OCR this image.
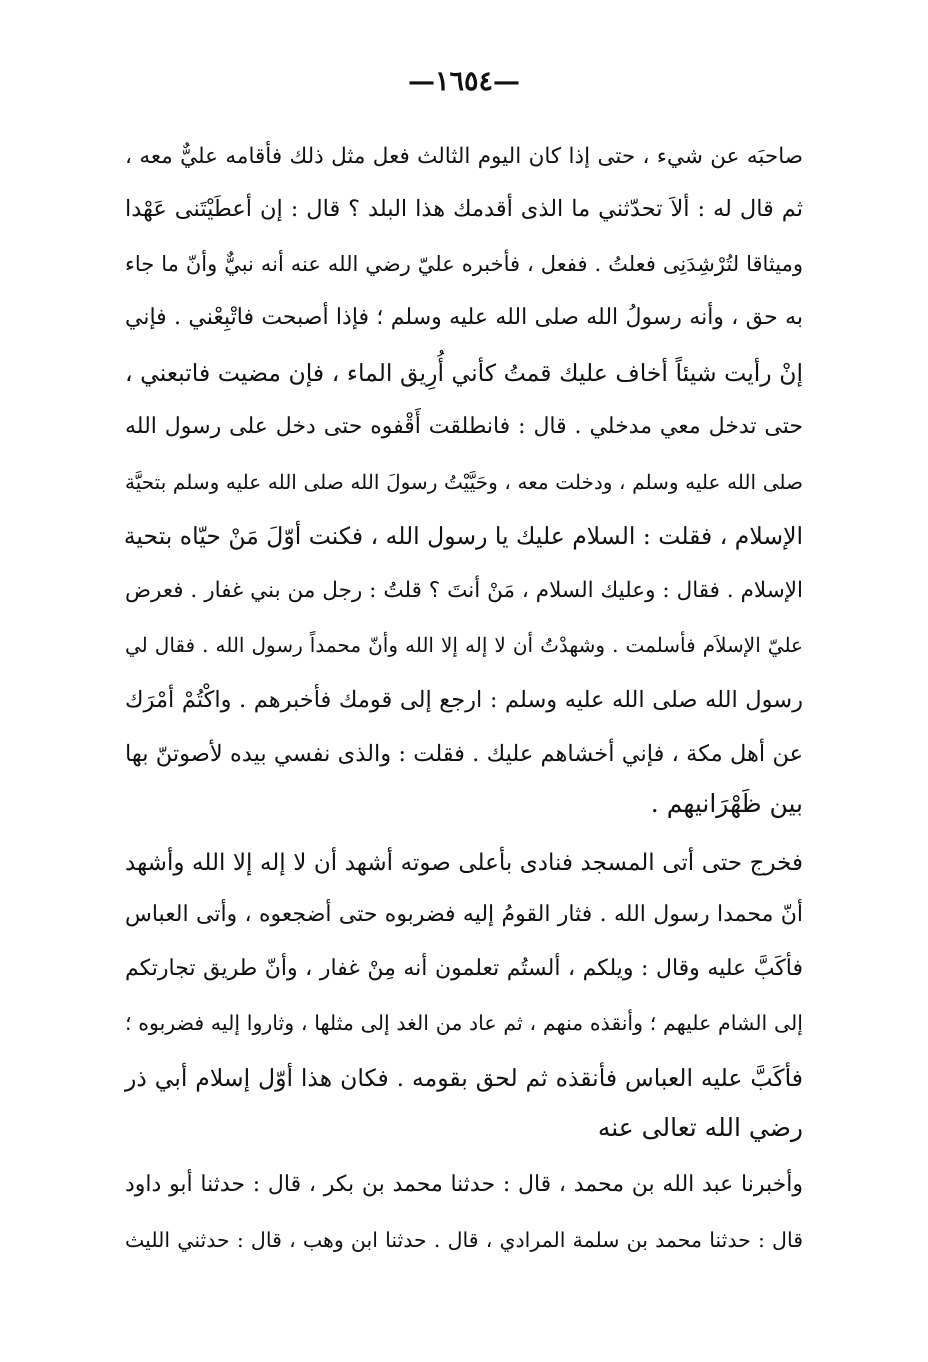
—١٦٥٤—
صاحبَه عن شيء ، حتى إذا كان اليوم الثالث فعل مثل ذلك فأقامه عليٌّ معه ،
ثم قال له : ألاَ تحدّثني ما الذى أقدمك هذا البلد ؟ قال : إن أعطَيْتَنى عَهْدا
وميثاقا لتُرْشِدَنِى فعلتُ . ففعل ، فأخبره عليّ رضي الله عنه أنه نبيٌّ وأنّ ما جاء
به حق ، وأنه رسولُ الله صلى الله عليه وسلم ؛ فإذا أصبحت فاتْبِعْني . فإني
إنْ رأيت شيئاً أخاف عليك قمتُ كأني أُرِيق الماء ، فإن مضيت فاتبعني ،
حتى تدخل معي مدخلي . قال : فانطلقت أَقْفوه حتى دخل على رسول الله
صلى الله عليه وسلم ، ودخلت معه ، وحَيَّيْتُ رسولَ الله صلى الله عليه وسلم بتحيَّة
الإسلام ، فقلت : السلام عليك يا رسول الله ، فكنت أوّلَ مَنْ حيّاه بتحية
الإسلام . فقال : وعليك السلام ، مَنْ أنتَ ؟ قلتُ : رجل من بني غفار . فعرض
عليّ الإسلاَم فأسلمت . وشهدْتُ أن لا إله إلا الله وأنّ محمداً رسول الله . فقال لي
رسول الله صلى الله عليه وسلم : ارجع إلى قومك فأخبرهم . واكْتُمْ أمْرَك
عن أهل مكة ، فإني أخشاهم عليك . فقلت : والذى نفسي بيده لأصوتنّ بها
بين ظَهْرَانيهم .
فخرج حتى أتى المسجد فنادى بأعلى صوته أشهد أن لا إله إلا الله وأشهد
أنّ محمدا رسول الله . فثار القومُ إليه فضربوه حتى أضجعوه ، وأتى العباس
فأكَبَّ عليه وقال : ويلكم ، ألستُم تعلمون أنه مِنْ غفار ، وأنّ طريق تجارتكم
إلى الشام عليهم ؛ وأنقذه منهم ، ثم عاد من الغد إلى مثلها ، وثاروا إليه فضربوه ؛
فأكَبَّ عليه العباس فأنقذه ثم لحق بقومه . فكان هذا أوّل إسلام أبي ذر
رضي الله تعالى عنه
وأخبرنا عبد الله بن محمد ، قال : حدثنا محمد بن بكر ، قال : حدثنا أبو داود
قال : حدثنا محمد بن سلمة المرادي ، قال . حدثنا ابن وهب ، قال : حدثني الليث
